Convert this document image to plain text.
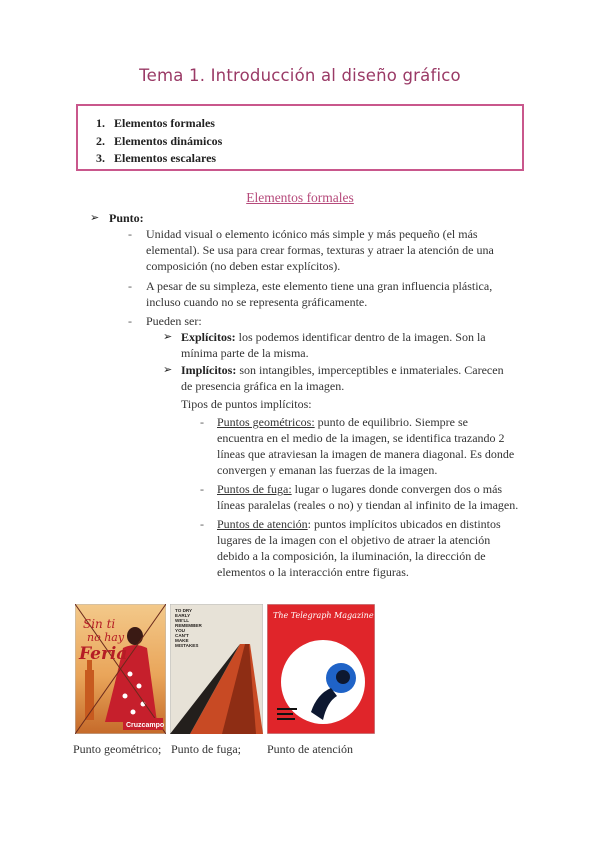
Tema 1. Introducción al diseño gráfico
1. Elementos formales
2. Elementos dinámicos
3. Elementos escalares
Elementos formales
➢ Punto:
- Unidad visual o elemento icónico más simple y más pequeño (el más
elemental). Se usa para crear formas, texturas y atraer la atención de una
composición (no deben estar explícitos).
- A pesar de su simpleza, este elemento tiene una gran influencia plástica,
incluso cuando no se representa gráficamente.
- Pueden ser:
➢ Explícitos: los podemos identificar dentro de la imagen. Son la
mínima parte de la misma.
➢ Implícitos: son intangibles, imperceptibles e inmateriales. Carecen
de presencia gráfica en la imagen.
Tipos de puntos implícitos:
- Puntos geométricos: punto de equilibrio. Siempre se
encuentra en el medio de la imagen, se identifica trazando 2
líneas que atraviesan la imagen de manera diagonal. Es donde
convergen y emanan las fuerzas de la imagen.
- Puntos de fuga: lugar o lugares donde convergen dos o más
líneas paralelas (reales o no) y tiendan al infinito de la imagen.
- Puntos de atención: puntos implícitos ubicados en distintos
lugares de la imagen con el objetivo de atraer la atención
debido a la composición, la iluminación, la dirección de
elementos o la interacción entre figuras.
Sin ti
no hay
Feria
Cruzcampo
TO DRY
EARLY
WE'LL
REMEMBER
YOU
CAN'T
MAKE
MISTAKES
The Telegraph Magazine
Punto geométrico; Punto de fuga; Punto de atención
